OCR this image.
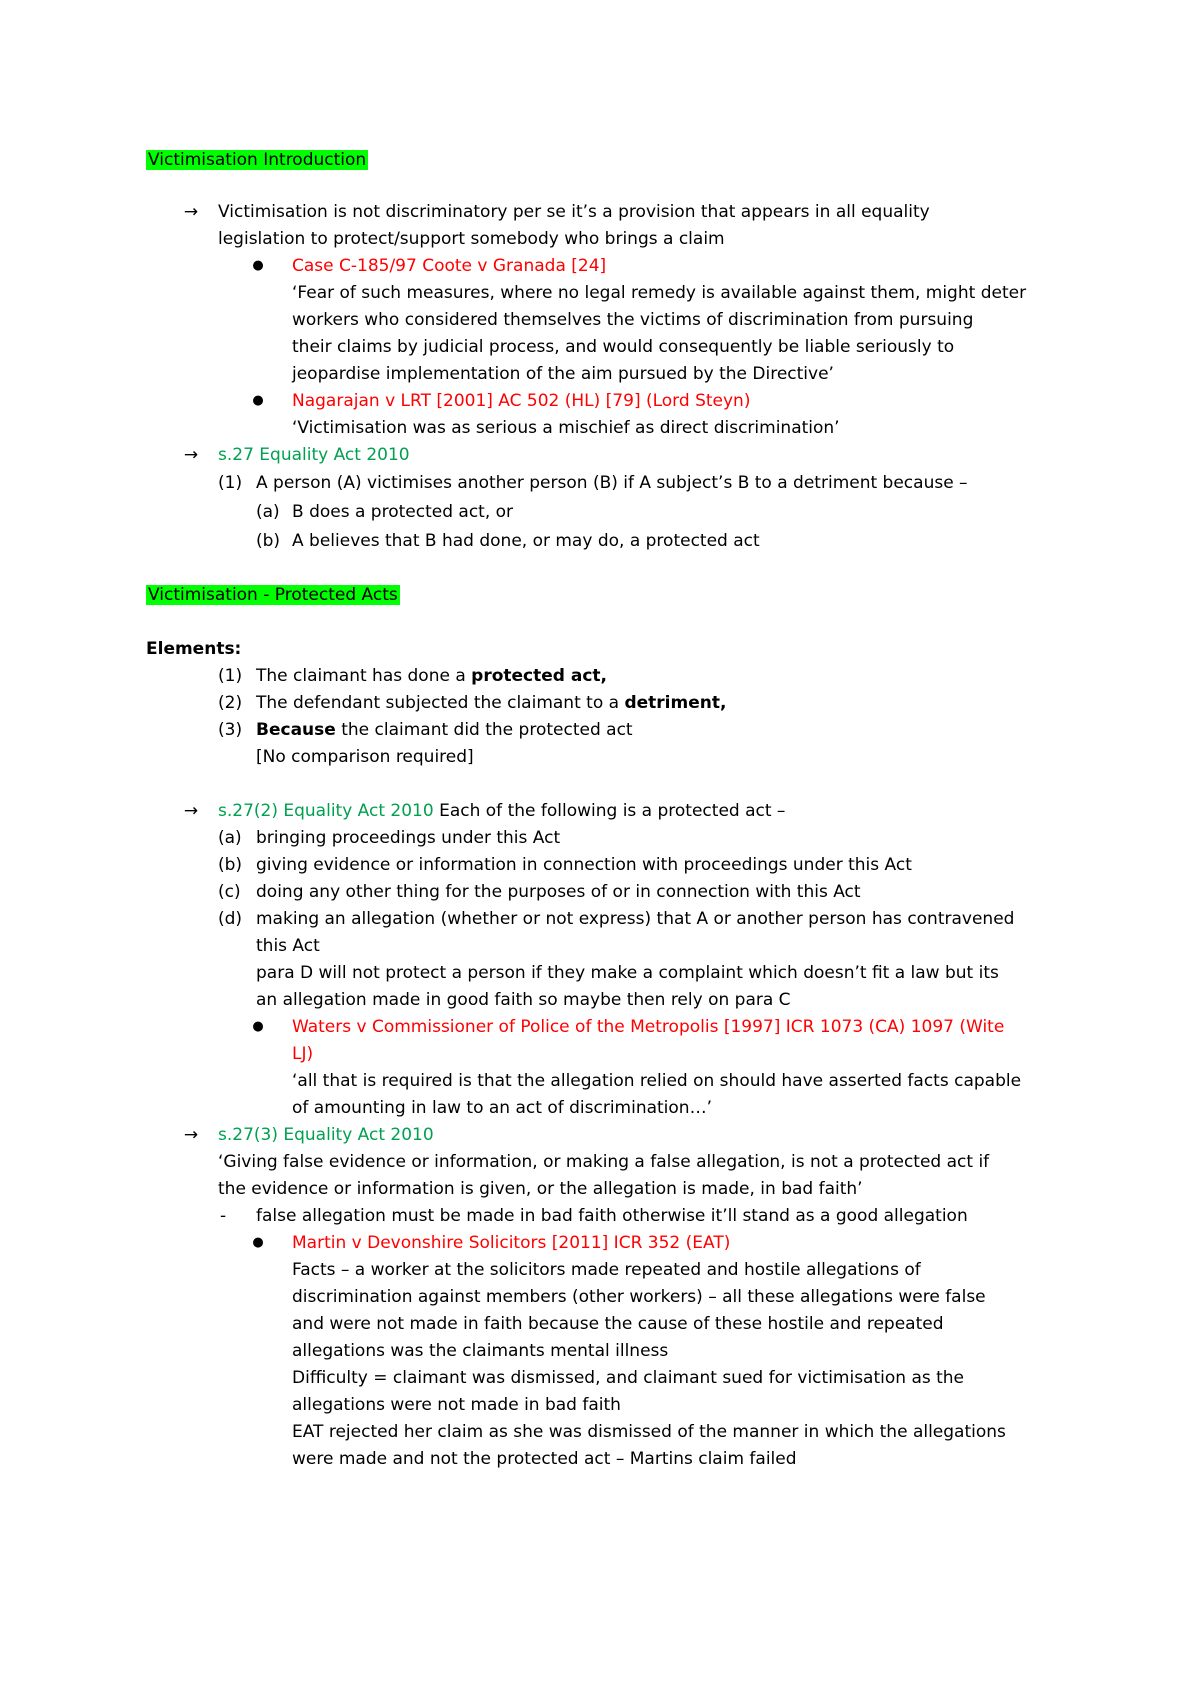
Victimisation Introduction
→ Victimisation is not discriminatory per se it’s a provision that appears in all equality
legislation to protect/support somebody who brings a claim
● Case C-185/97 Coote v Granada [24]
‘Fear of such measures, where no legal remedy is available against them, might deter
workers who considered themselves the victims of discrimination from pursuing
their claims by judicial process, and would consequently be liable seriously to
jeopardise implementation of the aim pursued by the Directive’
● Nagarajan v LRT [2001] AC 502 (HL) [79] (Lord Steyn)
‘Victimisation was as serious a mischief as direct discrimination’
→ s.27 Equality Act 2010
(1) A person (A) victimises another person (B) if A subject’s B to a detriment because –
(a) B does a protected act, or
(b) A believes that B had done, or may do, a protected act
Victimisation - Protected Acts
Elements:
(1) The claimant has done a protected act,
(2) The defendant subjected the claimant to a detriment,
(3) Because the claimant did the protected act
[No comparison required]
→ s.27(2) Equality Act 2010 Each of the following is a protected act –
(a) bringing proceedings under this Act
(b) giving evidence or information in connection with proceedings under this Act
(c) doing any other thing for the purposes of or in connection with this Act
(d) making an allegation (whether or not express) that A or another person has contravened
this Act
para D will not protect a person if they make a complaint which doesn’t fit a law but its
an allegation made in good faith so maybe then rely on para C
● Waters v Commissioner of Police of the Metropolis [1997] ICR 1073 (CA) 1097 (Wite
LJ)
‘all that is required is that the allegation relied on should have asserted facts capable
of amounting in law to an act of discrimination…’
→ s.27(3) Equality Act 2010
‘Giving false evidence or information, or making a false allegation, is not a protected act if
the evidence or information is given, or the allegation is made, in bad faith’
- false allegation must be made in bad faith otherwise it’ll stand as a good allegation
● Martin v Devonshire Solicitors [2011] ICR 352 (EAT)
Facts – a worker at the solicitors made repeated and hostile allegations of
discrimination against members (other workers) – all these allegations were false
and were not made in faith because the cause of these hostile and repeated
allegations was the claimants mental illness
Difficulty = claimant was dismissed, and claimant sued for victimisation as the
allegations were not made in bad faith
EAT rejected her claim as she was dismissed of the manner in which the allegations
were made and not the protected act – Martins claim failed
